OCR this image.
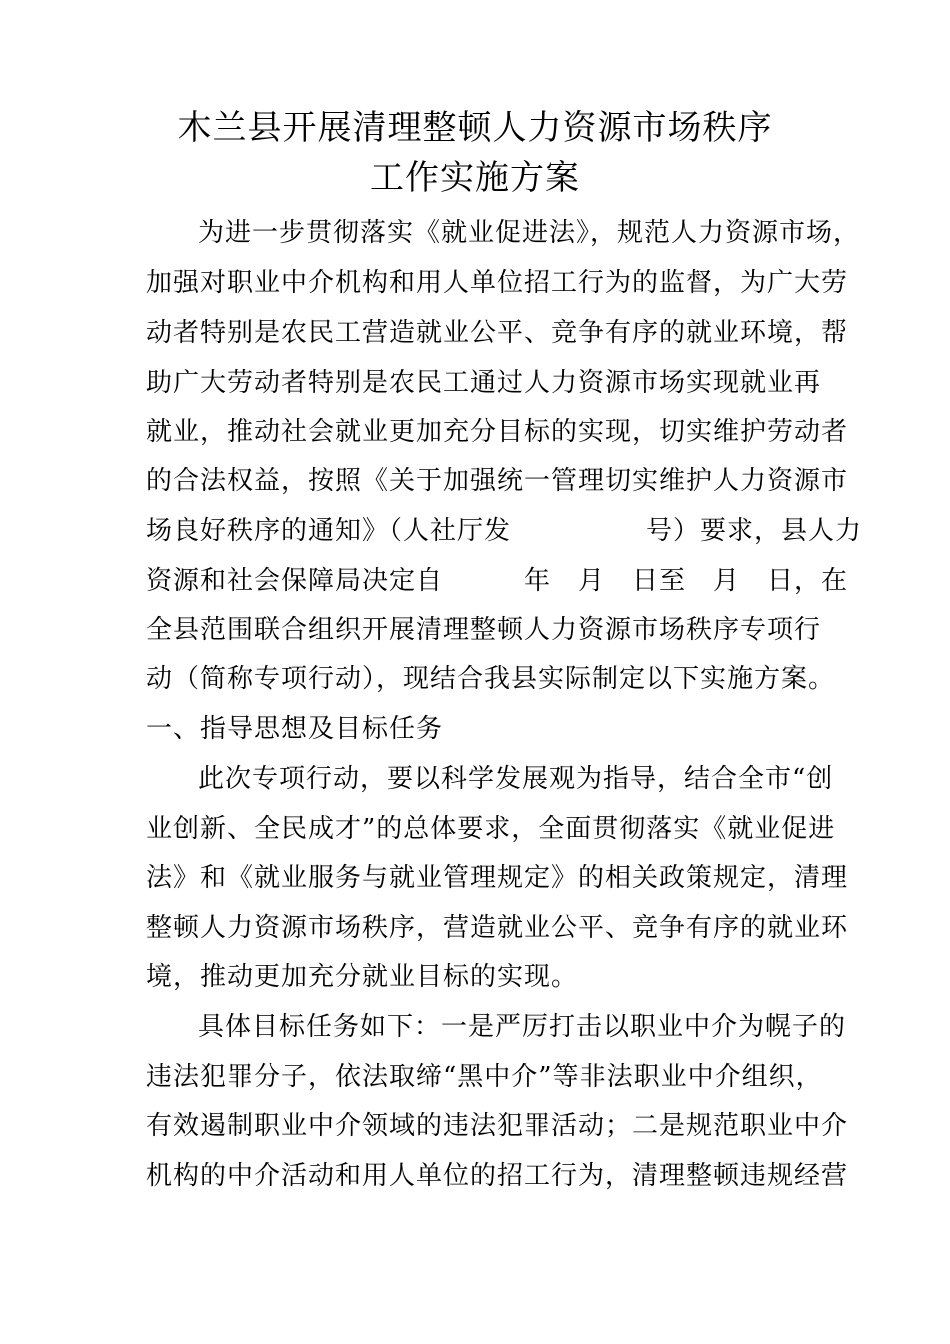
木兰县开展清理整顿人力资源市场秩序
工作实施方案

为进一步贯彻落实《就业促进法》，规范人力资源市场，

加强对职业中介机构和用人单位招工行为的监督，为广大劳

动者特别是农民工营造就业公平、竞争有序的就业环境，帮

助广大劳动者特别是农民工通过人力资源市场实现就业再

就业，推动社会就业更加充分目标的实现，切实维护劳动者

的合法权益，按照《关于加强统一管理切实维护人力资源市

场良好秩序的通知》（人社厅发　　　　　号）要求，县人力

资源和社会保障局决定自　　　年　月　日至　月　日，在

全县范围联合组织开展清理整顿人力资源市场秩序专项行

动（简称专项行动），现结合我县实际制定以下实施方案。

一、指导思想及目标任务

此次专项行动，要以科学发展观为指导，结合全市“创

业创新、全民成才”的总体要求，全面贯彻落实《就业促进

法》和《就业服务与就业管理规定》的相关政策规定，清理

整顿人力资源市场秩序，营造就业公平、竞争有序的就业环

境，推动更加充分就业目标的实现。

具体目标任务如下：一是严厉打击以职业中介为幌子的

违法犯罪分子，依法取缔“黑中介”等非法职业中介组织，

有效遏制职业中介领域的违法犯罪活动；二是规范职业中介

机构的中介活动和用人单位的招工行为，清理整顿违规经营
